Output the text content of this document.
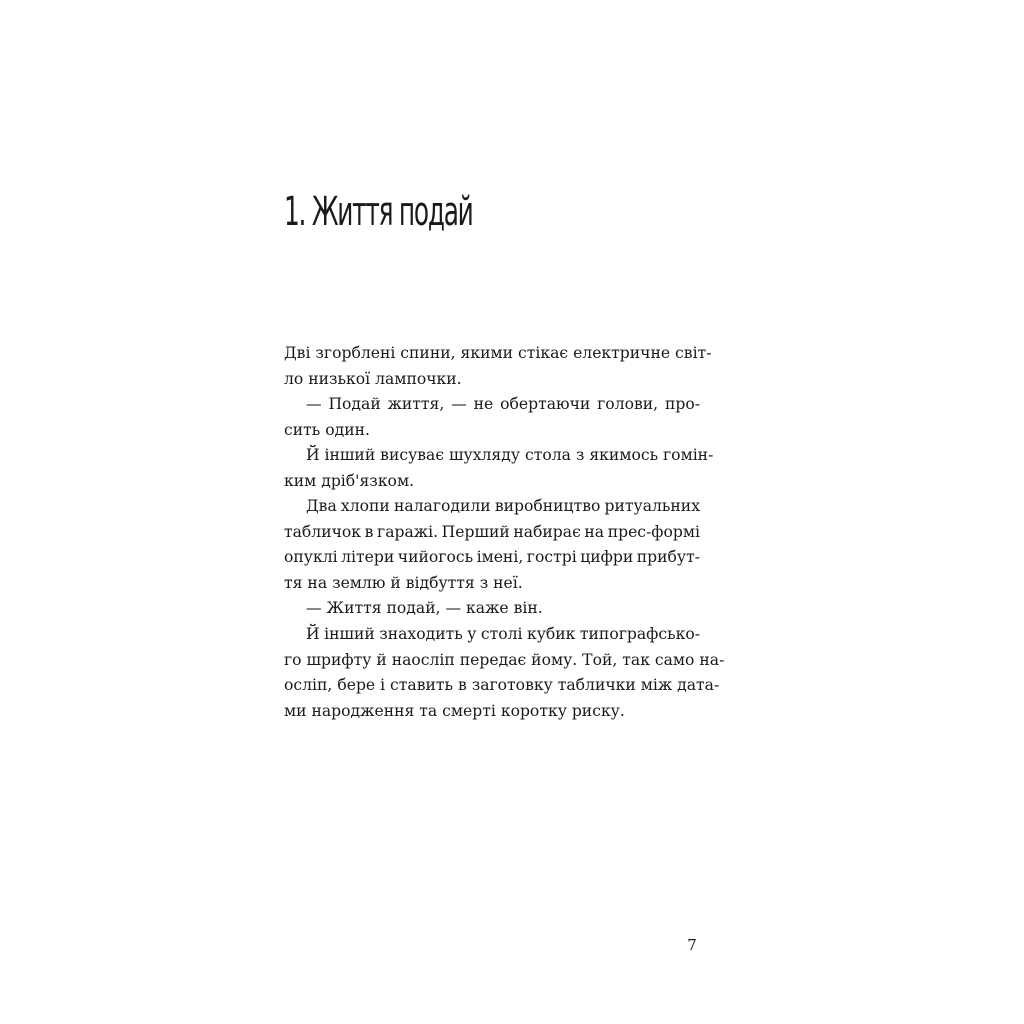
1. Життя подай
Дві згорблені спини, якими стікає електричне світ-
ло низької лампочки.
— Подай життя, — не обертаючи голови, про-
сить один.
Й інший висуває шухляду стола з якимось гомін-
ким дріб'язком.
Два хлопи налагодили виробництво ритуальних
табличок в гаражі. Перший набирає на прес-формі
опуклі літери чийогось імені, гострі цифри прибут-
тя на землю й відбуття з неї.
— Життя подай, — каже він.
Й інший знаходить у столі кубик типографсько-
го шрифту й наосліп передає йому. Той, так само на-
осліп, бере і ставить в заготовку таблички між дата-
ми народження та смерті коротку риску.
7
